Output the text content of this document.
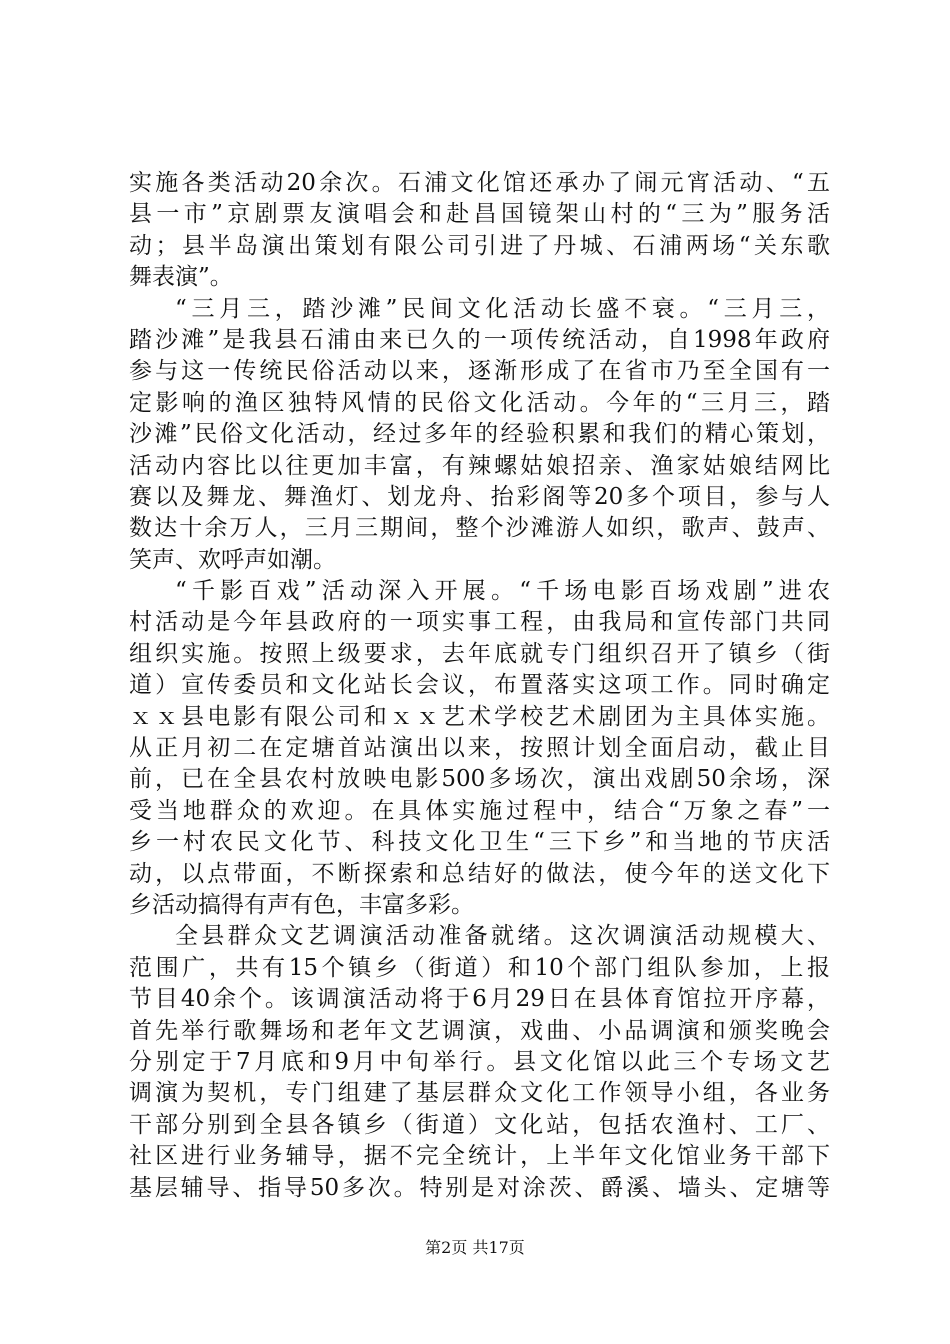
实施各类活动20余次。石浦文化馆还承办了闹元宵活动、“五
县一市”京剧票友演唱会和赴昌国镜架山村的“三为”服务活
动；县半岛演出策划有限公司引进了丹城、石浦两场“关东歌
舞表演”。
“三月三，踏沙滩”民间文化活动长盛不衰。“三月三，
踏沙滩”是我县石浦由来已久的一项传统活动，自1998年政府
参与这一传统民俗活动以来，逐渐形成了在省市乃至全国有一
定影响的渔区独特风情的民俗文化活动。今年的“三月三，踏
沙滩”民俗文化活动，经过多年的经验积累和我们的精心策划，
活动内容比以往更加丰富，有辣螺姑娘招亲、渔家姑娘结网比
赛以及舞龙、舞渔灯、划龙舟、抬彩阁等20多个项目，参与人
数达十余万人，三月三期间，整个沙滩游人如织，歌声、鼓声、
笑声、欢呼声如潮。
“千影百戏”活动深入开展。“千场电影百场戏剧”进农
村活动是今年县政府的一项实事工程，由我局和宣传部门共同
组织实施。按照上级要求，去年底就专门组织召开了镇乡（街
道）宣传委员和文化站长会议，布置落实这项工作。同时确定
ｘｘ县电影有限公司和ｘｘ艺术学校艺术剧团为主具体实施。
从正月初二在定塘首站演出以来，按照计划全面启动，截止目
前，已在全县农村放映电影500多场次，演出戏剧50余场，深
受当地群众的欢迎。在具体实施过程中，结合“万象之春”一
乡一村农民文化节、科技文化卫生“三下乡”和当地的节庆活
动，以点带面，不断探索和总结好的做法，使今年的送文化下
乡活动搞得有声有色，丰富多彩。
全县群众文艺调演活动准备就绪。这次调演活动规模大、
范围广，共有15个镇乡（街道）和10个部门组队参加，上报
节目40余个。该调演活动将于6月29日在县体育馆拉开序幕，
首先举行歌舞场和老年文艺调演，戏曲、小品调演和颁奖晚会
分别定于7月底和9月中旬举行。县文化馆以此三个专场文艺
调演为契机，专门组建了基层群众文化工作领导小组，各业务
干部分别到全县各镇乡（街道）文化站，包括农渔村、工厂、
社区进行业务辅导，据不完全统计，上半年文化馆业务干部下
基层辅导、指导50多次。特别是对涂茨、爵溪、墙头、定塘等
第2页 共17页
